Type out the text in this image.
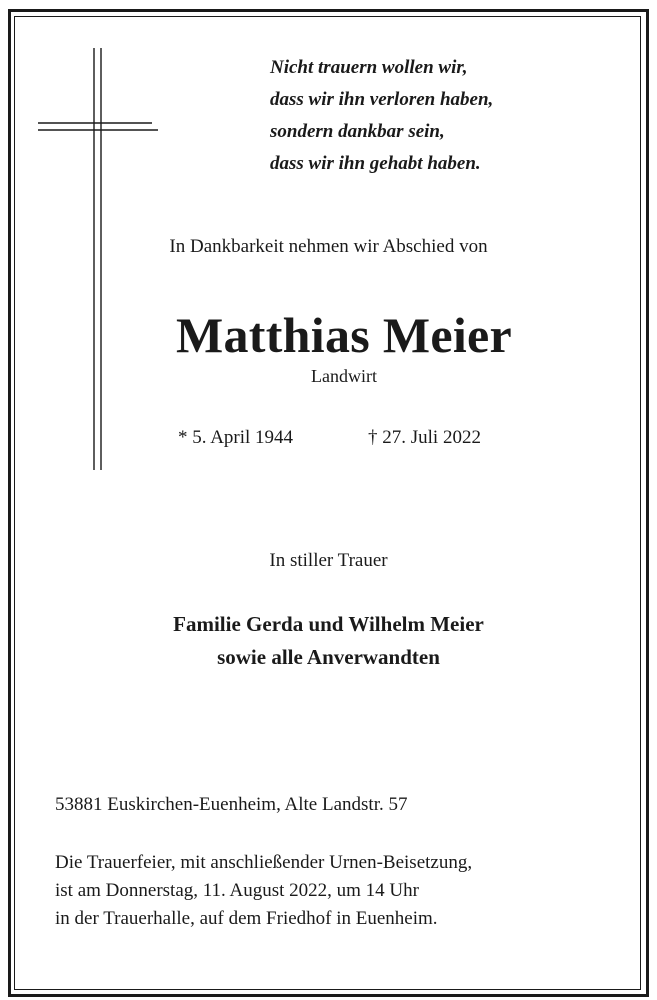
Nicht trauern wollen wir,
dass wir ihn verloren haben,
sondern dankbar sein,
dass wir ihn gehabt haben.
In Dankbarkeit nehmen wir Abschied von
Matthias Meier
Landwirt
* 5. April 1944	† 27. Juli 2022
In stiller Trauer
Familie Gerda und Wilhelm Meier
sowie alle Anverwandten
53881 Euskirchen-Euenheim, Alte Landstr. 57
Die Trauerfeier, mit anschließender Urnen-Beisetzung,
ist am Donnerstag, 11. August 2022, um 14 Uhr
in der Trauerhalle, auf dem Friedhof in Euenheim.
